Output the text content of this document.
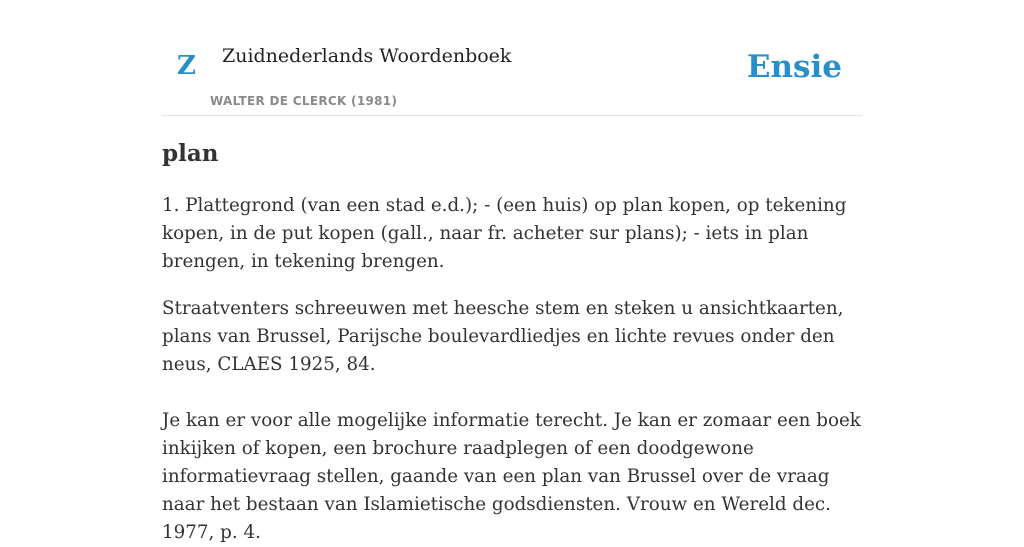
Z Zuidnederlands Woordenboek
WALTER DE CLERCK (1981)
Ensie
plan

1. Plattegrond (van een stad e.d.); - (een huis) op plan kopen, op tekening kopen, in de put kopen (gall., naar fr. acheter sur plans); - iets in plan brengen, in tekening brengen.

Straatventers schreeuwen met heesche stem en steken u ansichtkaarten, plans van Brussel, Parijsche boulevardliedjes en lichte revues onder den neus, CLAES 1925, 84.

Je kan er voor alle mogelijke informatie terecht. Je kan er zomaar een boek inkijken of kopen, een brochure raadplegen of een doodgewone informatievraag stellen, gaande van een plan van Brussel over de vraag naar het bestaan van Islamietische godsdiensten. Vrouw en Wereld dec. 1977, p. 4.
